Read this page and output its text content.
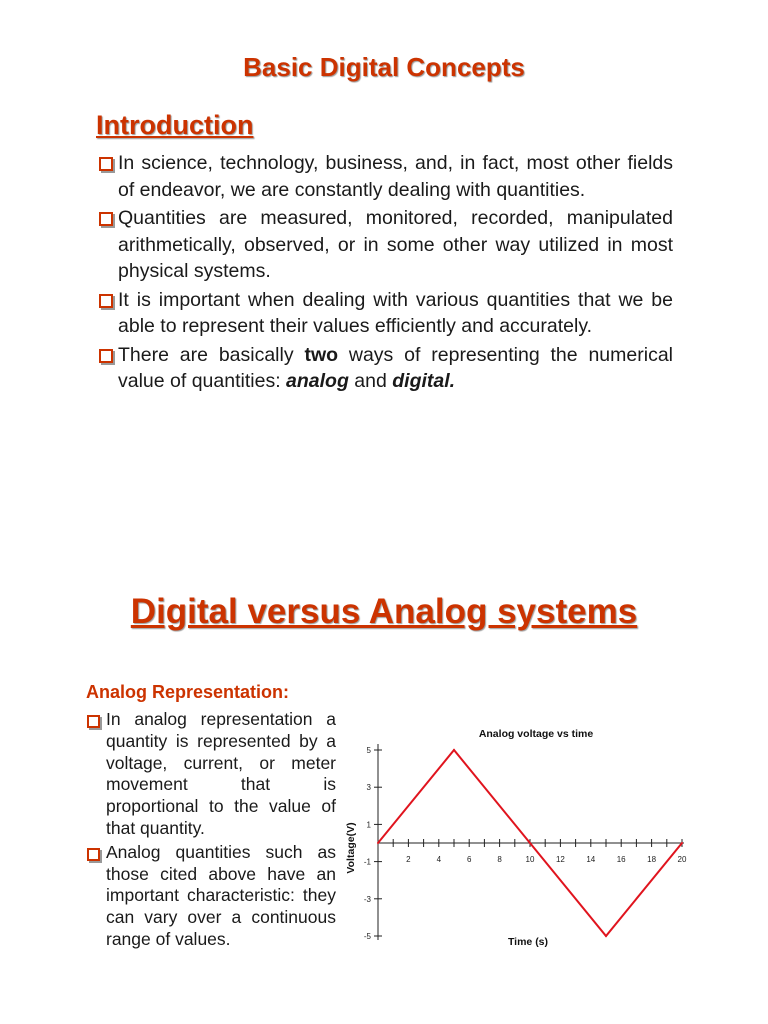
Basic Digital Concepts
Introduction
In science, technology, business, and, in fact, most other fields of endeavor, we are constantly dealing with quantities.
Quantities are measured, monitored, recorded, manipulated arithmetically, observed, or in some other way utilized in most physical systems.
It is important when dealing with various quantities that we be able to represent their values efficiently and accurately.
There are basically two ways of representing the numerical value of quantities: analog and digital.
Digital versus Analog systems
Analog Representation:
In analog representation a quantity is represented by a voltage, current, or meter movement that is proportional to the value of that quantity.
Analog quantities such as those cited above have an important characteristic: they can vary over a continuous range of values.
Analog voltage vs time
Voltage(V)
Time (s)
5
3
1
-1
-3
-5
2	4	6	8	10	12	14	16	18	20
